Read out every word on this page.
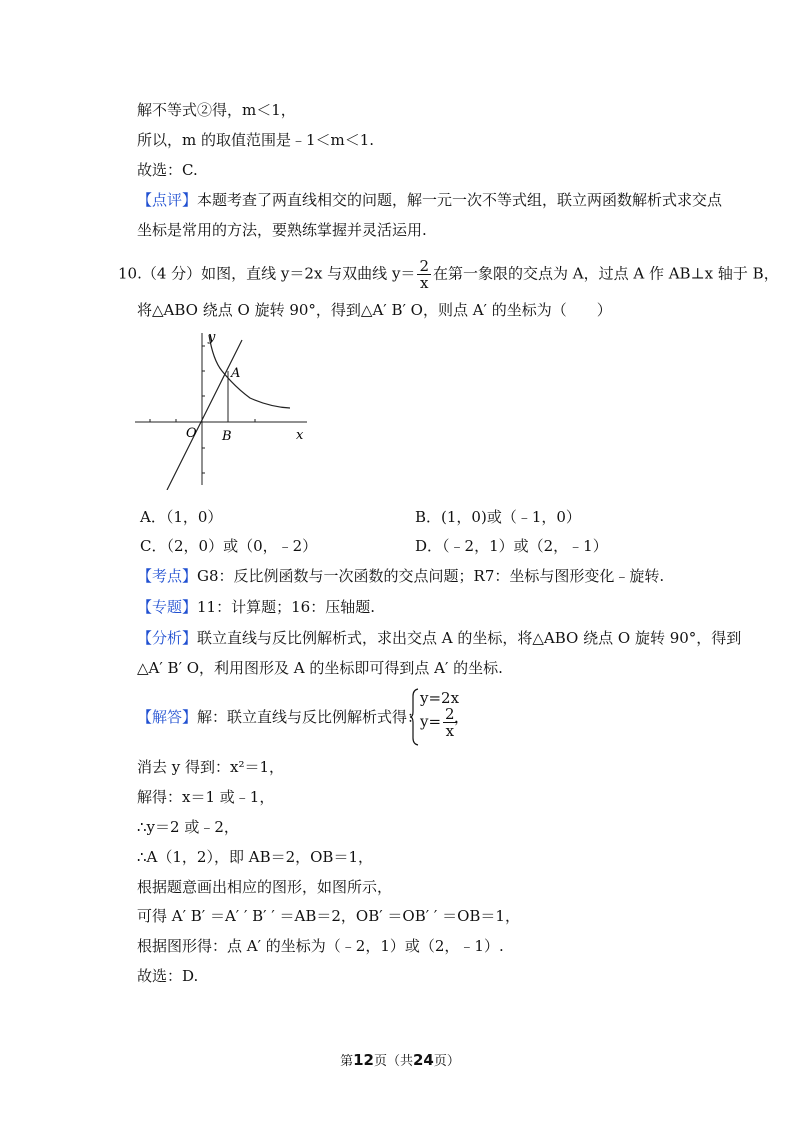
解不等式②得，m＜1，
所以，m 的取值范围是﹣1＜m＜1.
故选：C.
【点评】本题考查了两直线相交的问题，解一元一次不等式组，联立两函数解析式求交点
坐标是常用的方法，要熟练掌握并灵活运用.
10.（4 分）如图，直线 y＝2x 与双曲线 $y= \frac{2}{x}$ 在第一象限的交点为 A，过点 A 作 AB⊥x 轴于 B，
将△ABO 绕点 O 旋转 90°，得到△A′ B′ O，则点 A′ 的坐标为（　　）
y
x
A
O B
A．（1，0）	B．(1，0)或（﹣1，0）
C．（2，0）或（0，﹣2）	D．（﹣2，1）或（2，﹣1）
【考点】G8：反比例函数与一次函数的交点问题；R7：坐标与图形变化﹣旋转.
【专题】11：计算题；16：压轴题.
【分析】联立直线与反比例解析式，求出交点 A 的坐标，将△ABO 绕点 O 旋转 90°，得到
△A′ B′ O，利用图形及 A 的坐标即可得到点 A′ 的坐标.
【解答】解：联立直线与反比例解析式得：
y=2x
$y= \frac{2}{x}$
，
消去 y 得到：x²＝1，
解得：x＝1 或﹣1，
∴y＝2 或﹣2，
∴A（1，2），即 AB＝2，OB＝1，
根据题意画出相应的图形，如图所示，
可得 A′ B′ ＝A′ ′ B′ ′ ＝AB＝2，OB′ ＝OB′ ′ ＝OB＝1，
根据图形得：点 A′ 的坐标为（﹣2，1）或（2，﹣1）.
故选：D.
第12页（共24页）
